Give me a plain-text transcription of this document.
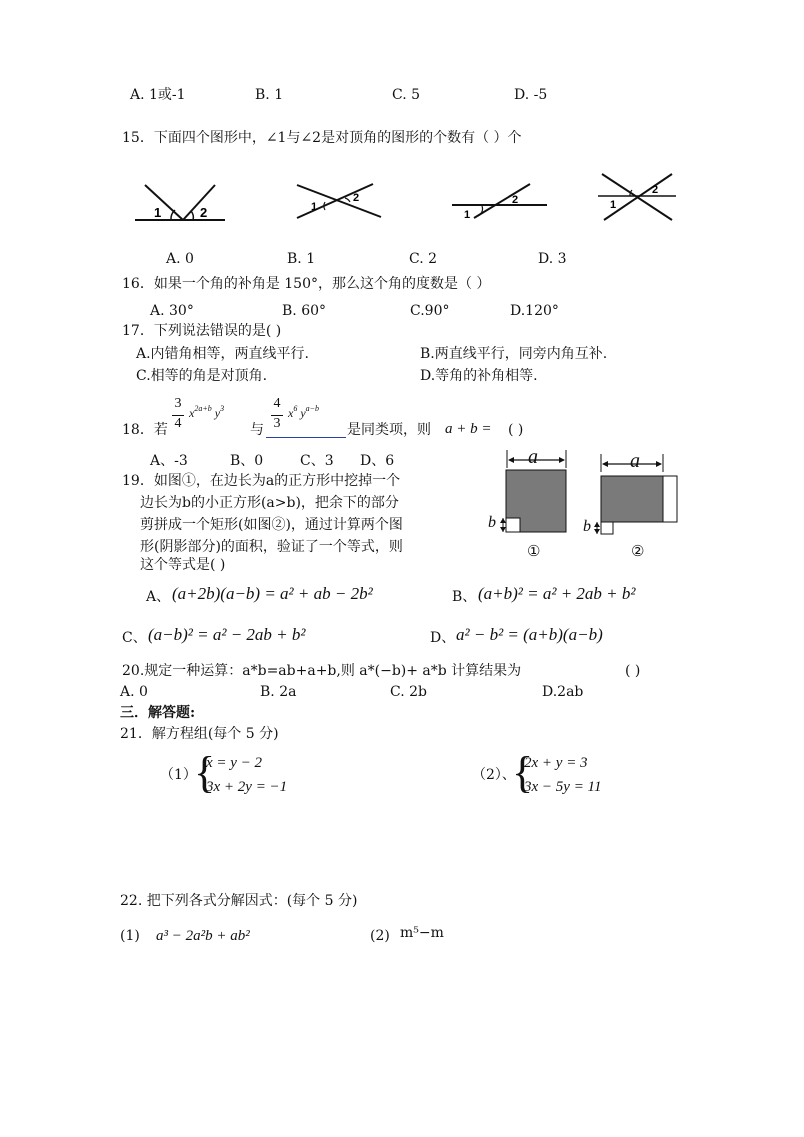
A. 1或-1	B. 1	C. 5	D. -5
15．下面四个图形中，∠1与∠2是对顶角的图形的个数有（ ）个
1	2	1
2
1
2	1
2
A. 0	B. 1	C. 2	D. 3
16．如果一个角的补角是 150°，那么这个角的度数是（ ）
A. 30°	B. 60°	C.90°	D.120°
17．下列说法错误的是( )
A.内错角相等，两直线平行.	B.两直线平行，同旁内角互补.
C.相等的角是对顶角.	D.等角的补角相等.
18．若
3
4
$x^{2a+b}$ $y^3$
与
4
3
$x^6$ $y^{a-b}$
是同类项，则 a + b = ( )
A、-3	B、0	C、3 D、6
19．如图①，在边长为a的正方形中挖掉一个
边长为b的小正方形(a>b)，把余下的部分
剪拼成一个矩形(如图②)，通过计算两个图
形(阴影部分)的面积，验证了一个等式，则
这个等式是( )
a
b
①
a
b
②
A、 (a+2b)(a−b) = a² + ab − 2b²	B、 (a+b)² = a² + 2ab + b²
C、 (a−b)² = a² − 2ab + b²	D、 a² − b² = (a+b)(a−b)
20.规定一种运算：a*b=ab+a+b,则 a*(−b)+ a*b 计算结果为	( )
A. 0	B. 2a	C. 2b	D.2ab
三．解答题:
21．解方程组(每个 5 分)
（1）
{
x = y − 2
3x + 2y = −1
（2）、
{
2x + y = 3
3x − 5y = 11
22. 把下列各式分解因式：(每个 5 分)
(1) a³ − 2a²b + ab²	(2) m⁵−m
